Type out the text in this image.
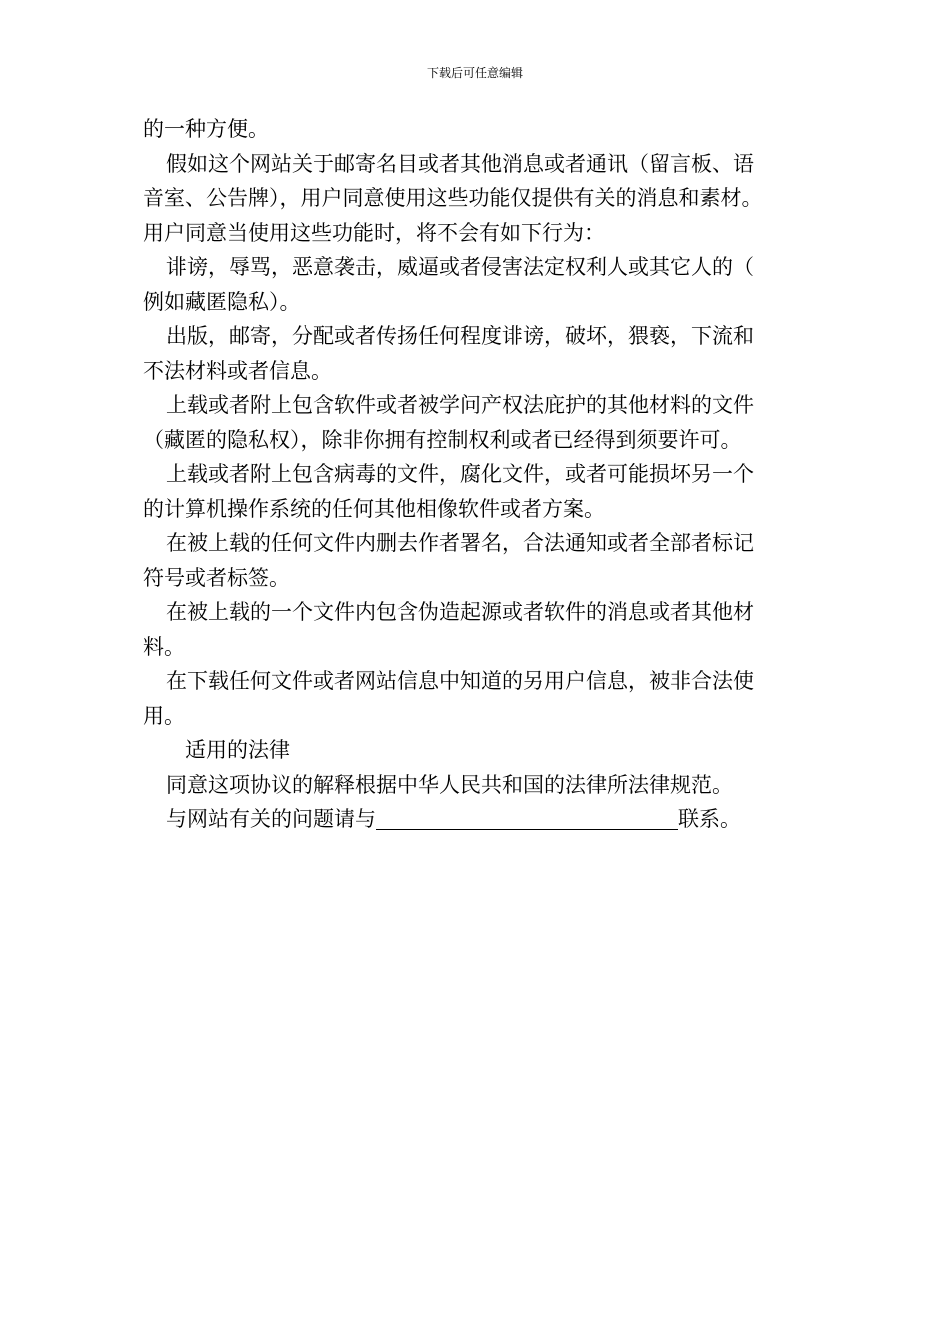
下载后可任意编辑

的一种方便。

假如这个网站关于邮寄名目或者其他消息或者通讯（留言板、语

音室、公告牌），用户同意使用这些功能仅提供有关的消息和素材。

用户同意当使用这些功能时，将不会有如下行为：

诽谤，辱骂，恶意袭击，威逼或者侵害法定权利人或其它人的（

例如藏匿隐私）。

出版，邮寄，分配或者传扬任何程度诽谤，破坏，猥亵，下流和

不法材料或者信息。

上载或者附上包含软件或者被学问产权法庇护的其他材料的文件

（藏匿的隐私权），除非你拥有控制权利或者已经得到须要许可。

上载或者附上包含病毒的文件，腐化文件，或者可能损坏另一个

的计算机操作系统的任何其他相像软件或者方案。

在被上载的任何文件内删去作者署名，合法通知或者全部者标记

符号或者标签。

在被上载的一个文件内包含伪造起源或者软件的消息或者其他材

料。

在下载任何文件或者网站信息中知道的另用户信息，被非合法使

用。

适用的法律

同意这项协议的解释根据中华人民共和国的法律所法律规范。

与网站有关的问题请与	联系。
